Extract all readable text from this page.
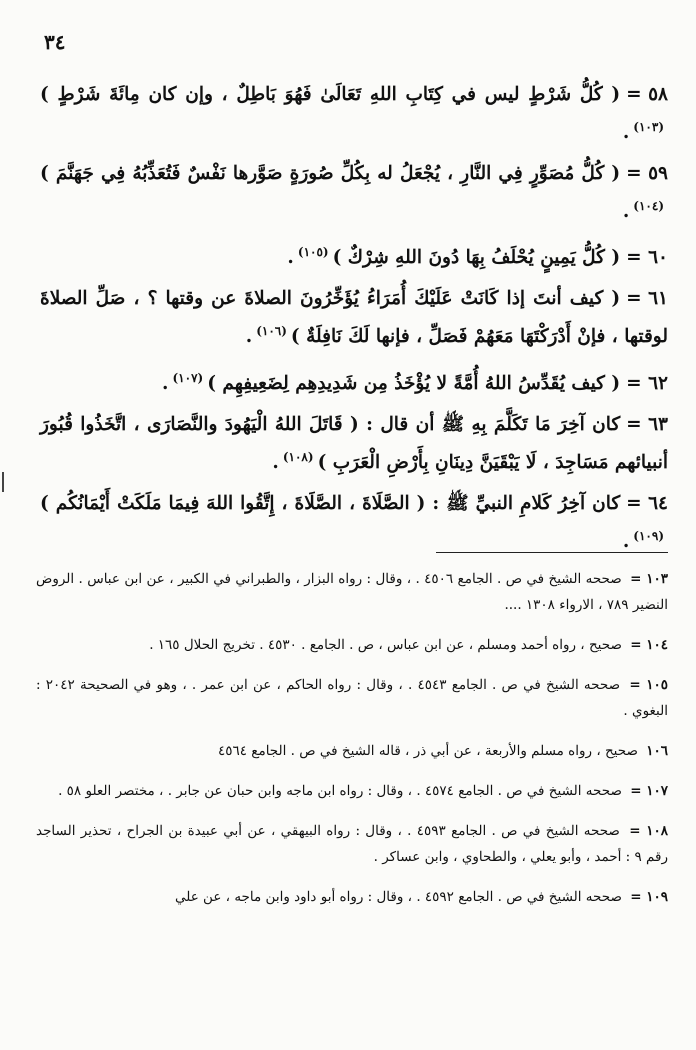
٣٤

٥٨ =( كُلُّ شَرْطٍ ليس في كِتَابِ اللهِ تَعَالَىٰ فَهُوَ بَاطِلٌ ، وإن كان مِائَةَ شَرْطٍ )$^{(١٠٣)}$.

٥٩ =( كُلُّ مُصَوِّرٍ فِي النَّارِ ، يُجْعَلُ له بِكُلِّ صُورَةٍ صَوَّرها نَفْسٌ فَتُعَذِّبُهُ فِي جَهَنَّمَ )$^{(١٠٤)}$.

٦٠ =( كُلُّ يَمِينٍ يُحْلَفُ بِهَا دُونَ اللهِ شِرْكٌ )$^{(١٠٥)}$.

٦١ =( كيف أنتَ إذا كَانَتْ عَلَيْكَ أُمَرَاءُ يُؤَخِّرُونَ الصلاةَ عن وقتها ؟ ، صَلِّ الصلاةَ لوقتها ، فإنْ أَدْرَكْتَهَا مَعَهُمْ فَصَلِّ ، فإنها لَكَ نَافِلَةٌ )$^{(١٠٦)}$.

٦٢ =( كيف يُقَدِّسُ اللهُ أُمَّةً لا يُؤْخَذُ مِن شَدِيدِهِم لِضَعِيفِهِم )$^{(١٠٧)}$.

٦٣ =كان آخِرَ مَا تَكَلَّمَ بِهِ ﷺ أن قال : ( قَاتَلَ اللهُ الْيَهُودَ والنَّصَارَى ، اتَّخَذُوا قُبُورَ أنبيائهم مَسَاجِدَ ، لَا يَبْقَيَنَّ دِينَانِ بِأَرْضِ الْعَرَبِ )$^{(١٠٨)}$.

٦٤ =كان آخِرُ كَلامِ النبيِّ ﷺ : ( الصَّلَاةَ ، الصَّلَاةَ ، إِتَّقُوا اللهَ فِيمَا مَلَكَتْ أَيْمَانُكُم )$^{(١٠٩)}$.

١٠٣ = صححه الشيخ في ص . الجامع ٤٥٠٦ . ، وقال : رواه البزار ، والطبراني في الكبير ، عن ابن عباس . الروض النضير ٧٨٩ ، الارواء ١٣٠٨ ....

١٠٤ = صحيح ، رواه أحمد ومسلم ، عن ابن عباس ، ص . الجامع . ٤٥٣٠ . تخريج الحلال ١٦٥ .

١٠٥ = صححه الشيخ في ص . الجامع ٤٥٤٣ . ، وقال : رواه الحاكم ، عن ابن عمر . ، وهو في الصحيحة ٢٠٤٢ : البغوي .

١٠٦ صحيح ، رواه مسلم والأربعة ، عن أبي ذر ، قاله الشيخ في ص . الجامع ٤٥٦٤

١٠٧ = صححه الشيخ في ص . الجامع ٤٥٧٤ . ، وقال : رواه ابن ماجه وابن حبان عن جابر . ، مختصر العلو ٥٨ .

١٠٨ = صححه الشيخ في ص . الجامع ٤٥٩٣ . ، وقال : رواه البيهقي ، عن أبي عبيدة بن الجراح ، تحذير الساجد رقم ٩ : أحمد ، وأبو يعلي ، والطحاوي ، وابن عساكر .

١٠٩ = صححه الشيخ في ص . الجامع ٤٥٩٢ . ، وقال : رواه أبو داود وابن ماجه ، عن علي
